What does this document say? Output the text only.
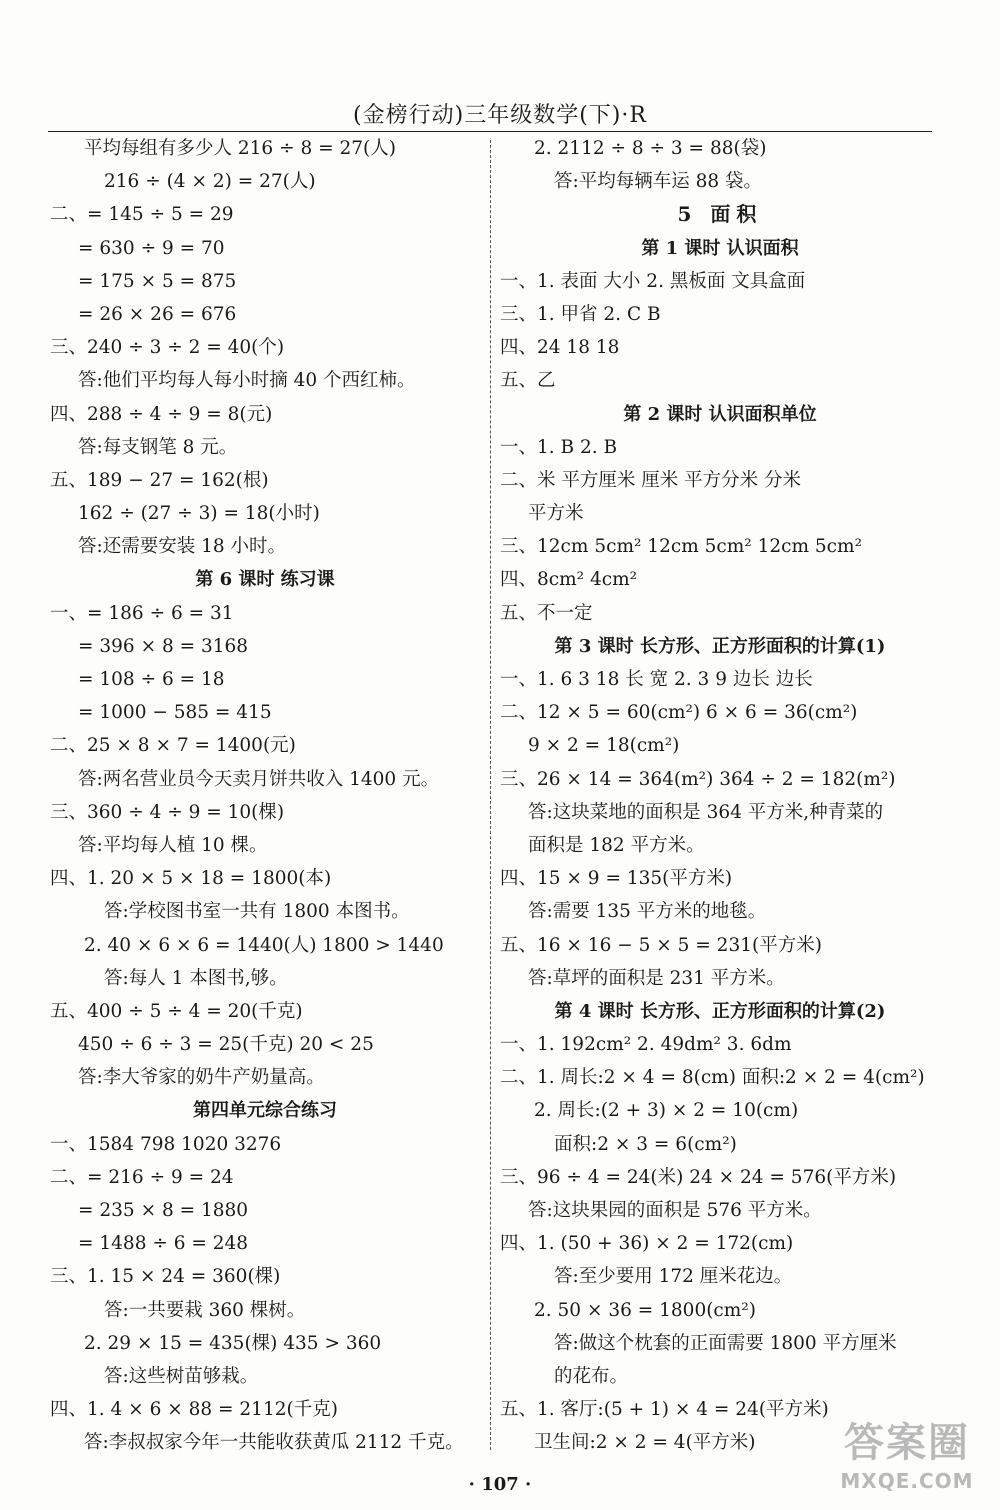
(金榜行动)三年级数学(下)·R
平均每组有多少人 216 ÷ 8 = 27(人)
216 ÷ (4 × 2) = 27(人)
二、= 145 ÷ 5 = 29
= 630 ÷ 9 = 70
= 175 × 5 = 875
= 26 × 26 = 676
三、240 ÷ 3 ÷ 2 = 40(个)
答:他们平均每人每小时摘 40 个西红柿。
四、288 ÷ 4 ÷ 9 = 8(元)
答:每支钢笔 8 元。
五、189 − 27 = 162(根)
162 ÷ (27 ÷ 3) = 18(小时)
答:还需要安装 18 小时。
第 6 课时 练习课
一、= 186 ÷ 6 = 31
= 396 × 8 = 3168
= 108 ÷ 6 = 18
= 1000 − 585 = 415
二、25 × 8 × 7 = 1400(元)
答:两名营业员今天卖月饼共收入 1400 元。
三、360 ÷ 4 ÷ 9 = 10(棵)
答:平均每人植 10 棵。
四、1. 20 × 5 × 18 = 1800(本)
答:学校图书室一共有 1800 本图书。
2. 40 × 6 × 6 = 1440(人) 1800 > 1440
答:每人 1 本图书,够。
五、400 ÷ 5 ÷ 4 = 20(千克)
450 ÷ 6 ÷ 3 = 25(千克) 20 < 25
答:李大爷家的奶牛产奶量高。
第四单元综合练习
一、1584 798 1020 3276
二、= 216 ÷ 9 = 24
= 235 × 8 = 1880
= 1488 ÷ 6 = 248
三、1. 15 × 24 = 360(棵)
答:一共要栽 360 棵树。
2. 29 × 15 = 435(棵) 435 > 360
答:这些树苗够栽。
四、1. 4 × 6 × 88 = 2112(千克)
答:李叔叔家今年一共能收获黄瓜 2112 千克。
2. 2112 ÷ 8 ÷ 3 = 88(袋)
答:平均每辆车运 88 袋。
5 面积
第 1 课时 认识面积
一、1. 表面 大小 2. 黑板面 文具盒面
三、1. 甲省 2. C B
四、24 18 18
五、乙
第 2 课时 认识面积单位
一、1. B 2. B
二、米 平方厘米 厘米 平方分米 分米
平方米
三、12cm 5cm² 12cm 5cm² 12cm 5cm²
四、8cm² 4cm²
五、不一定
第 3 课时 长方形、正方形面积的计算(1)
一、1. 6 3 18 长 宽 2. 3 9 边长 边长
二、12 × 5 = 60(cm²) 6 × 6 = 36(cm²)
9 × 2 = 18(cm²)
三、26 × 14 = 364(m²) 364 ÷ 2 = 182(m²)
答:这块菜地的面积是 364 平方米,种青菜的
面积是 182 平方米。
四、15 × 9 = 135(平方米)
答:需要 135 平方米的地毯。
五、16 × 16 − 5 × 5 = 231(平方米)
答:草坪的面积是 231 平方米。
第 4 课时 长方形、正方形面积的计算(2)
一、1. 192cm² 2. 49dm² 3. 6dm
二、1. 周长:2 × 4 = 8(cm) 面积:2 × 2 = 4(cm²)
2. 周长:(2 + 3) × 2 = 10(cm)
面积:2 × 3 = 6(cm²)
三、96 ÷ 4 = 24(米) 24 × 24 = 576(平方米)
答:这块果园的面积是 576 平方米。
四、1. (50 + 36) × 2 = 172(cm)
答:至少要用 172 厘米花边。
2. 50 × 36 = 1800(cm²)
答:做这个枕套的正面需要 1800 平方厘米
的花布。
五、1. 客厅:(5 + 1) × 4 = 24(平方米)
卫生间:2 × 2 = 4(平方米)
· 107 ·
答案圈
MXQE.COM
